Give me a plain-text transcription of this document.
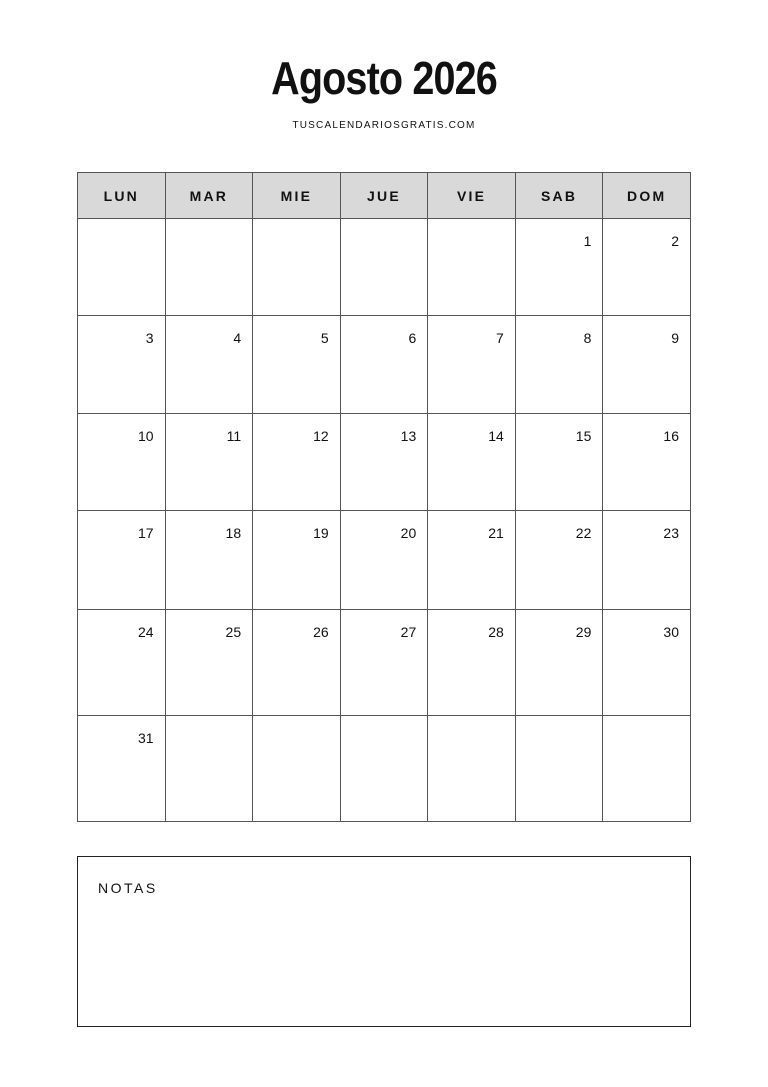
Agosto 2026
TUSCALENDARIOSGRATIS.COM
LUN	MAR	MIE	JUE	VIE	SAB	DOM
					1	2
3	4	5	6	7	8	9
10	11	12	13	14	15	16
17	18	19	20	21	22	23
24	25	26	27	28	29	30
31						
NOTAS
